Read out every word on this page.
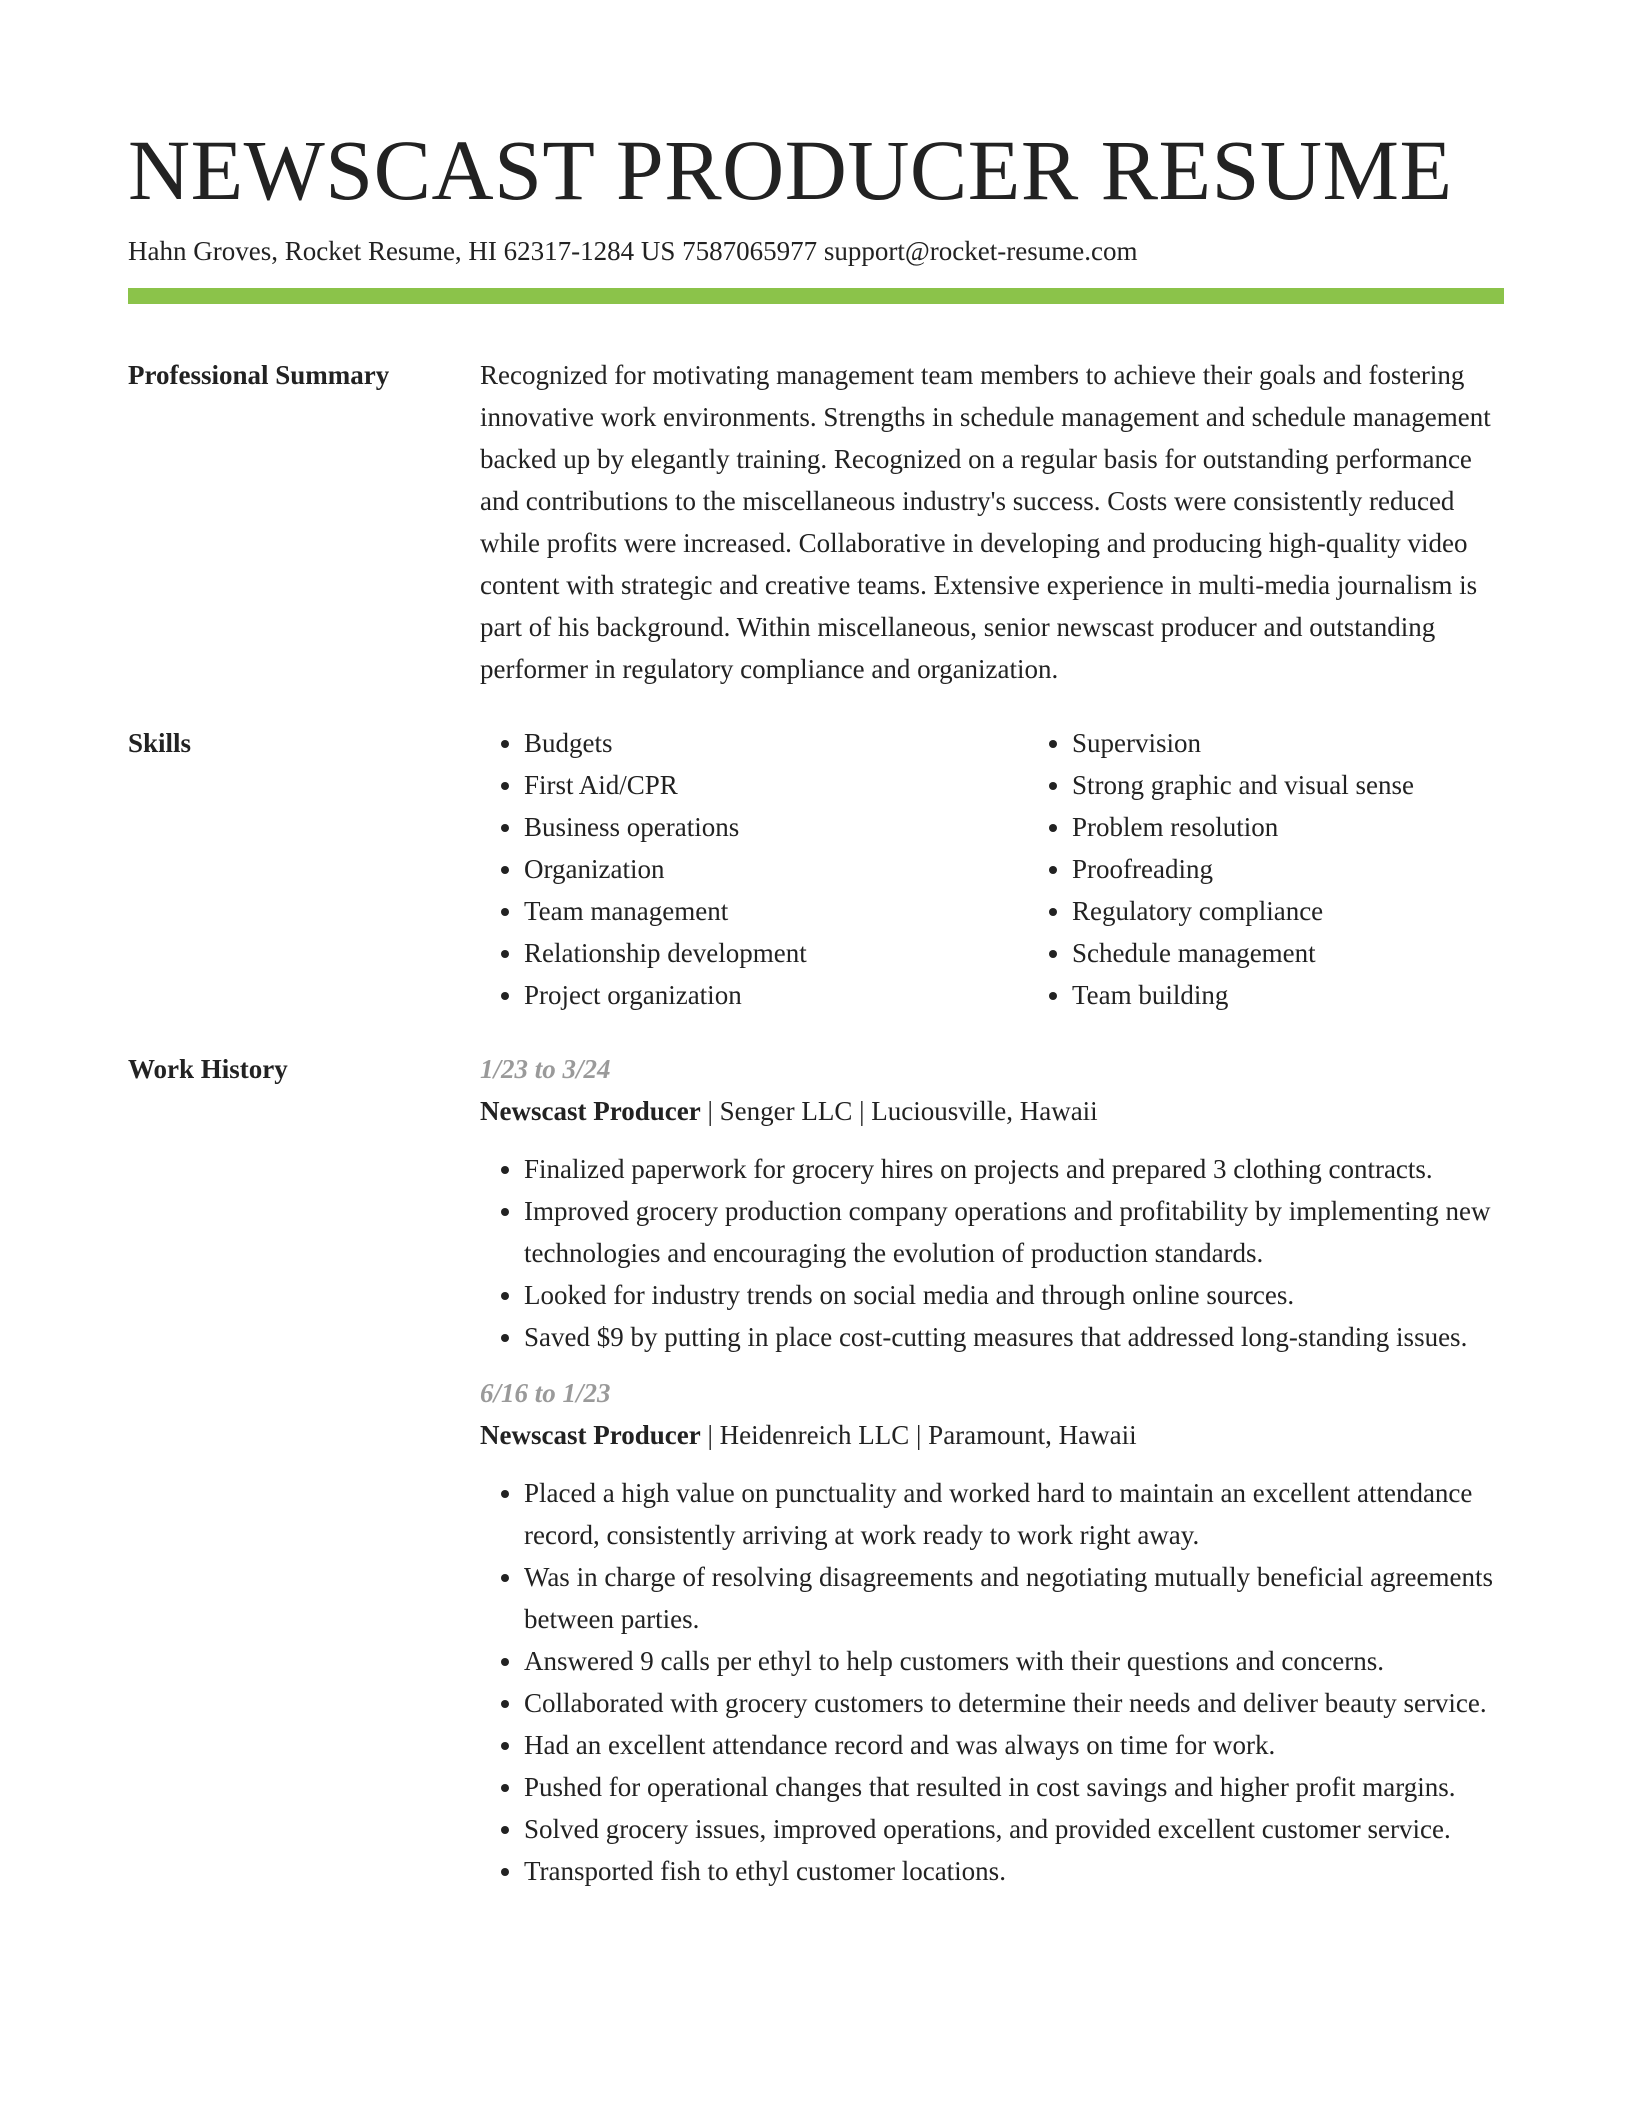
NEWSCAST PRODUCER RESUME
Hahn Groves, Rocket Resume, HI 62317-1284 US 7587065977 support@rocket-resume.com
Professional Summary	Recognized for motivating management team members to achieve their goals and fostering innovative work environments. Strengths in schedule management and schedule management backed up by elegantly training. Recognized on a regular basis for outstanding performance and contributions to the miscellaneous industry's success. Costs were consistently reduced while profits were increased. Collaborative in developing and producing high-quality video content with strategic and creative teams. Extensive experience in multi-media journalism is part of his background. Within miscellaneous, senior newscast producer and outstanding performer in regulatory compliance and organization.

Skills
•	Budgets
• First Aid/CPR
• Business operations
• Organization
• Team management
• Relationship development
• Project organization
• Supervision
• Strong graphic and visual sense
• Problem resolution
• Proofreading
• Regulatory compliance
• Schedule management
• Team building
Work History	1/23 to 3/24
Newscast Producer | Senger LLC | Luciousville, Hawaii
• Finalized paperwork for grocery hires on projects and prepared 3 clothing contracts.
• Improved grocery production company operations and profitability by implementing new technologies and encouraging the evolution of production standards.
• Looked for industry trends on social media and through online sources.
• Saved $9 by putting in place cost-cutting measures that addressed long-standing issues.
6/16 to 1/23
Newscast Producer | Heidenreich LLC | Paramount, Hawaii
• Placed a high value on punctuality and worked hard to maintain an excellent attendance record, consistently arriving at work ready to work right away.
• Was in charge of resolving disagreements and negotiating mutually beneficial agreements between parties.
• Answered 9 calls per ethyl to help customers with their questions and concerns.
• Collaborated with grocery customers to determine their needs and deliver beauty service.
• Had an excellent attendance record and was always on time for work.
• Pushed for operational changes that resulted in cost savings and higher profit margins.
• Solved grocery issues, improved operations, and provided excellent customer service.
• Transported fish to ethyl customer locations.
